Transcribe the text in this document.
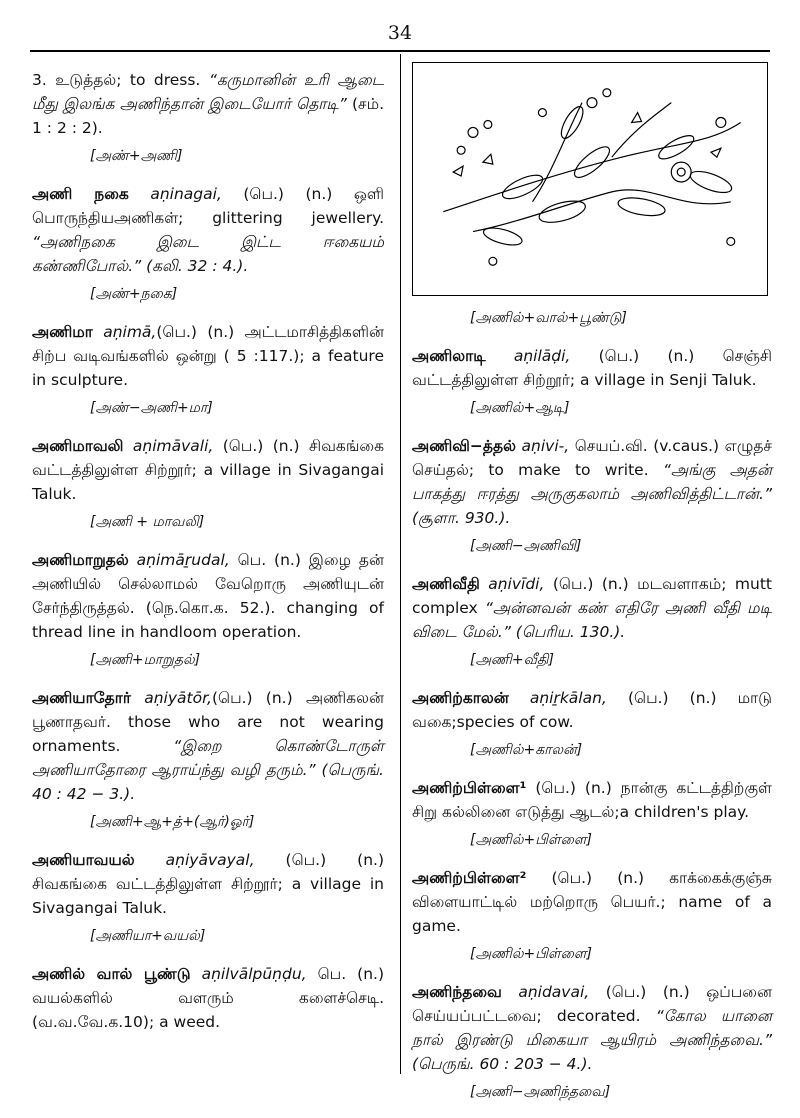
34
3. உடுத்தல்; to dress. “கருமானின் உரி ஆடை மீது இலங்க அணிந்தான் இடையோர் தொடி” (சம். 1 : 2 : 2).
[அண்+அணி]
அணி நகை aṇinagai, (பெ.) (n.) ஒளி பொருந்தியஅணிகள்; glittering jewellery. “அணிநகை இடை இட்ட ஈகையம் கண்ணிபோல்.” (கலி. 32 : 4.).
[அண்+நகை]
அணிமா aṇimā,(பெ.) (n.) அட்டமாசித்திகளின் சிற்ப வடிவங்களில் ஒன்று ( 5 :117.); a feature in sculpture.
[அண்−அணி+மா]
அணிமாவலி aṇimāvali, (பெ.) (n.) சிவகங்கை வட்டத்திலுள்ள சிற்றூர்; a village in Sivagangai Taluk.
[அணி + மாவலி]
அணிமாறுதல் aṇimāṟudal, பெ. (n.) இழை தன் அணியில் செல்லாமல் வேறொரு அணியுடன் சேர்ந்திருத்தல். (நெ.கொ.க. 52.). changing of thread line in handloom operation.
[அணி+மாறுதல்]
அணியாதோர் aṇiyātōr,(பெ.) (n.) அணிகலன் பூணாதவர். those who are not wearing ornaments. “இறை கொண்டோருள் அணியாதோரை ஆராய்ந்து வழி தரும்.” (பெருங். 40 : 42 − 3.).
[அணி+ஆ+த்+(ஆர்)ஓர்]
அணியாவயல் aṇiyāvayal, (பெ.) (n.) சிவகங்கை வட்டத்திலுள்ள சிற்றூர்; a village in Sivagangai Taluk.
[அணியா+வயல்]
அணில் வால் பூண்டு aṇilvālpūṇḍu, பெ. (n.) வயல்களில் வளரும் களைச்செடி. (வ.வ.வே.க.10); a weed.
[அணில்+வால்+பூண்டு]
அணிலாடி aṇilāḍi, (பெ.) (n.) செஞ்சி வட்டத்திலுள்ள சிற்றூர்; a village in Senji Taluk.
[அணில்+ஆடி]
அணிவி−த்தல் aṇivi-, செயப்.வி. (v.caus.) எழுதச் செய்தல்; to make to write. “அங்கு அதன் பாகத்து ஈரத்து அருகுகலாம் அணிவித்திட்டான்.” (சூளா. 930.).
[அணி−அணிவி]
அணிவீதி aṇivīdi, (பெ.) (n.) மடவளாகம்; mutt complex “அன்னவன் கண் எதிரே அணி வீதி மடி விடை மேல்.” (பெரிய. 130.).
[அணி+வீதி]
அணிற்காலன் aṇiṟkālan, (பெ.) (n.) மாடு வகை;species of cow.
[அணில்+காலன்]
அணிற்பிள்ளை¹ (பெ.) (n.) நான்கு கட்டத்திற்குள் சிறு கல்லினை எடுத்து ஆடல்;a children's play.
[அணில்+பிள்ளை]
அணிற்பிள்ளை² (பெ.) (n.) காக்கைக்குஞ்சு விளையாட்டில் மற்றொரு பெயர்.; name of a game.
[அணில்+பிள்ளை]
அணிந்தவை aṇidavai, (பெ.) (n.) ஒப்பனை செய்யப்பட்டவை; decorated. “கோல யானை நால் இரண்டு மிகையா ஆயிரம் அணிந்தவை.” (பெருங். 60 : 203 − 4.).
[அணி−அணிந்தவை]
